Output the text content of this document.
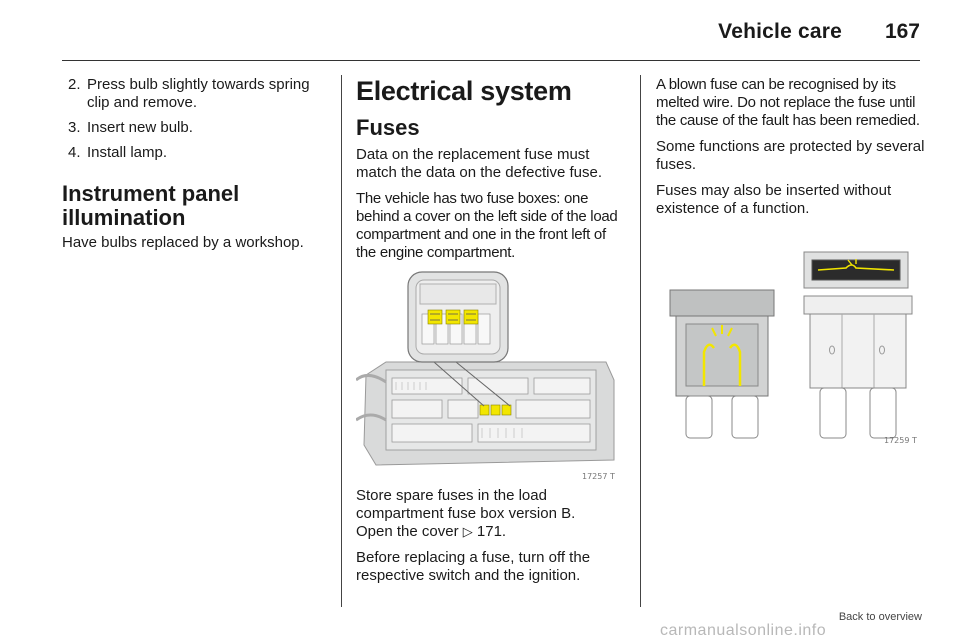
Vehicle care 167
2. Press bulb slightly towards spring clip and remove.
3. Insert new bulb.
4. Install lamp.
Instrument panel illumination

Have bulbs replaced by a workshop.

Electrical system
Fuses

Data on the replacement fuse must match the data on the defective fuse.

The vehicle has two fuse boxes: one behind a cover on the left side of the load compartment and one in the front left of the engine compartment.

17257 T

Store spare fuses in the load compartment fuse box version B.

Open the cover ▷ 171.

Before replacing a fuse, turn off the respective switch and the ignition.

A blown fuse can be recognised by its melted wire. Do not replace the fuse until the cause of the fault has been remedied.

Some functions are protected by several fuses.

Fuses may also be inserted without existence of a function.

17259 T
Back to overview
carmanualsonline.info
